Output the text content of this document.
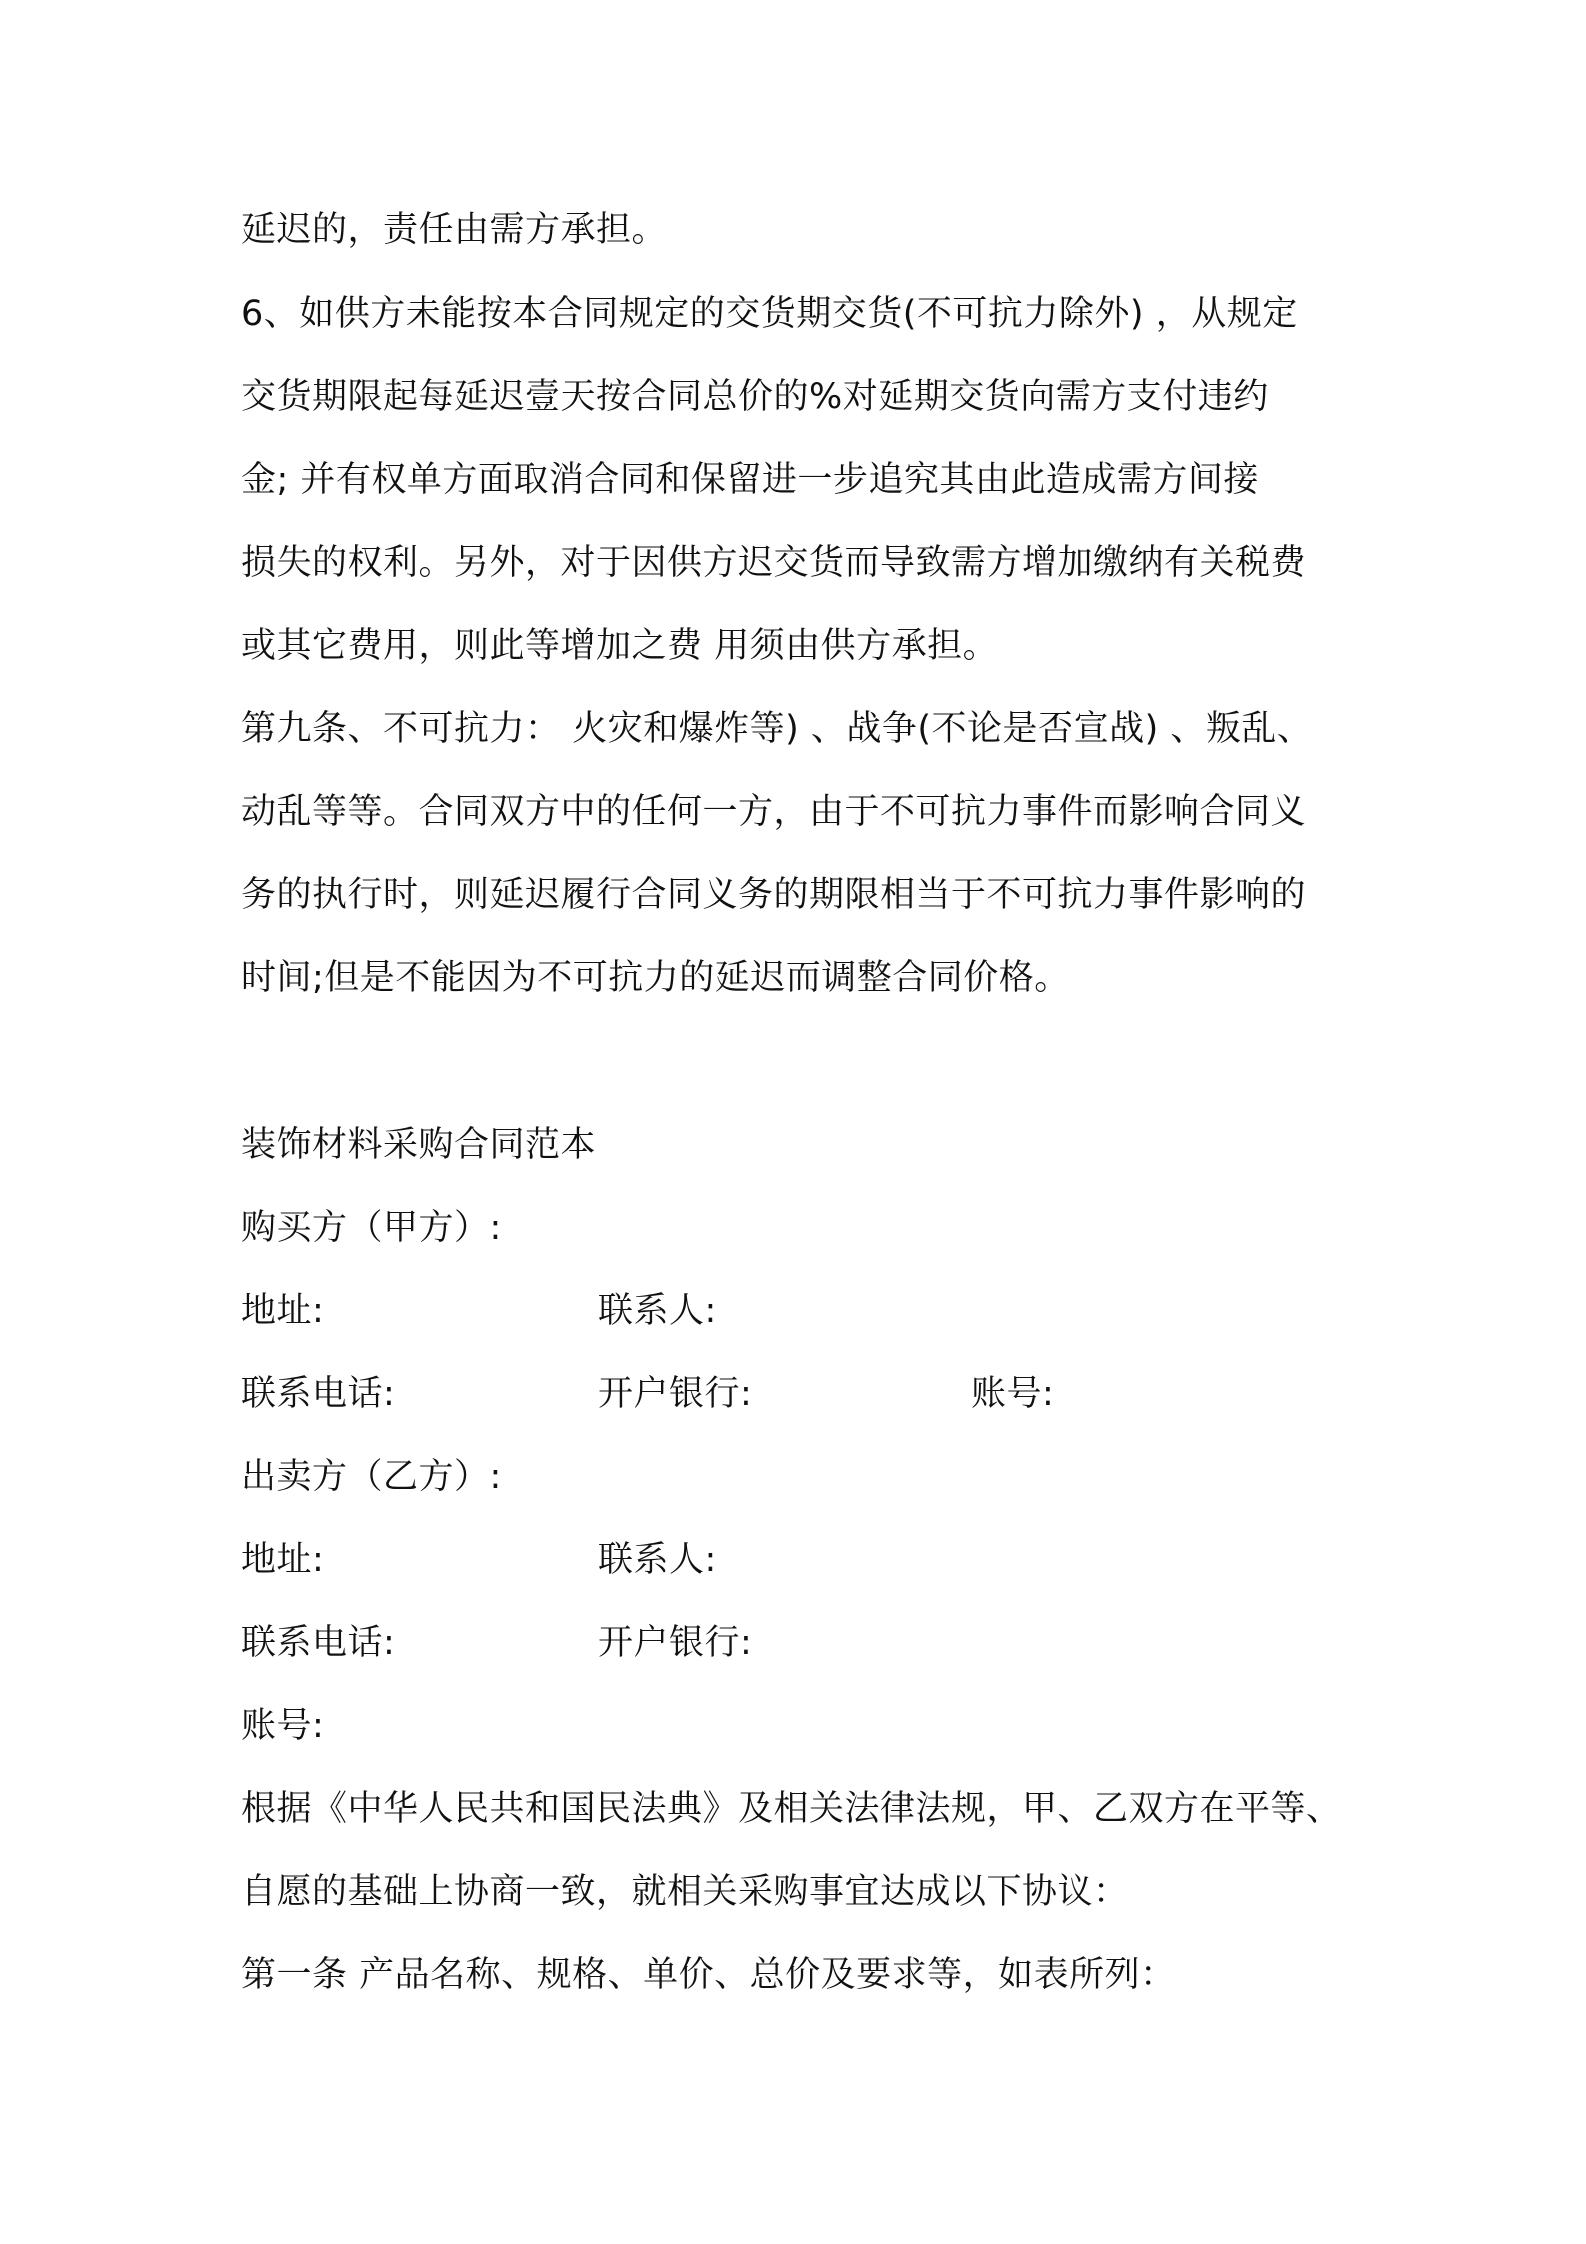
延迟的，责任由需方承担。
6、如供方未能按本合同规定的交货期交货(不可抗力除外) ，从规定
交货期限起每延迟壹天按合同总价的%对延期交货向需方支付违约
金; 并有权单方面取消合同和保留进一步追究其由此造成需方间接
损失的权利。另外，对于因供方迟交货而导致需方增加缴纳有关税费
或其它费用，则此等增加之费 用须由供方承担。
第九条、不可抗力： 火灾和爆炸等) 、战争(不论是否宣战) 、叛乱、
动乱等等。合同双方中的任何一方，由于不可抗力事件而影响合同义
务的执行时，则延迟履行合同义务的期限相当于不可抗力事件影响的
时间;但是不能因为不可抗力的延迟而调整合同价格。
装饰材料采购合同范本
购买方（甲方）:
地址:	联系人:
联系电话:	开户银行:	账号:
出卖方（乙方）:
地址:	联系人:
联系电话:	开户银行:
账号:
根据《中华人民共和国民法典》及相关法律法规，甲、乙双方在平等、
自愿的基础上协商一致，就相关采购事宜达成以下协议：
第一条 产品名称、规格、单价、总价及要求等，如表所列：
